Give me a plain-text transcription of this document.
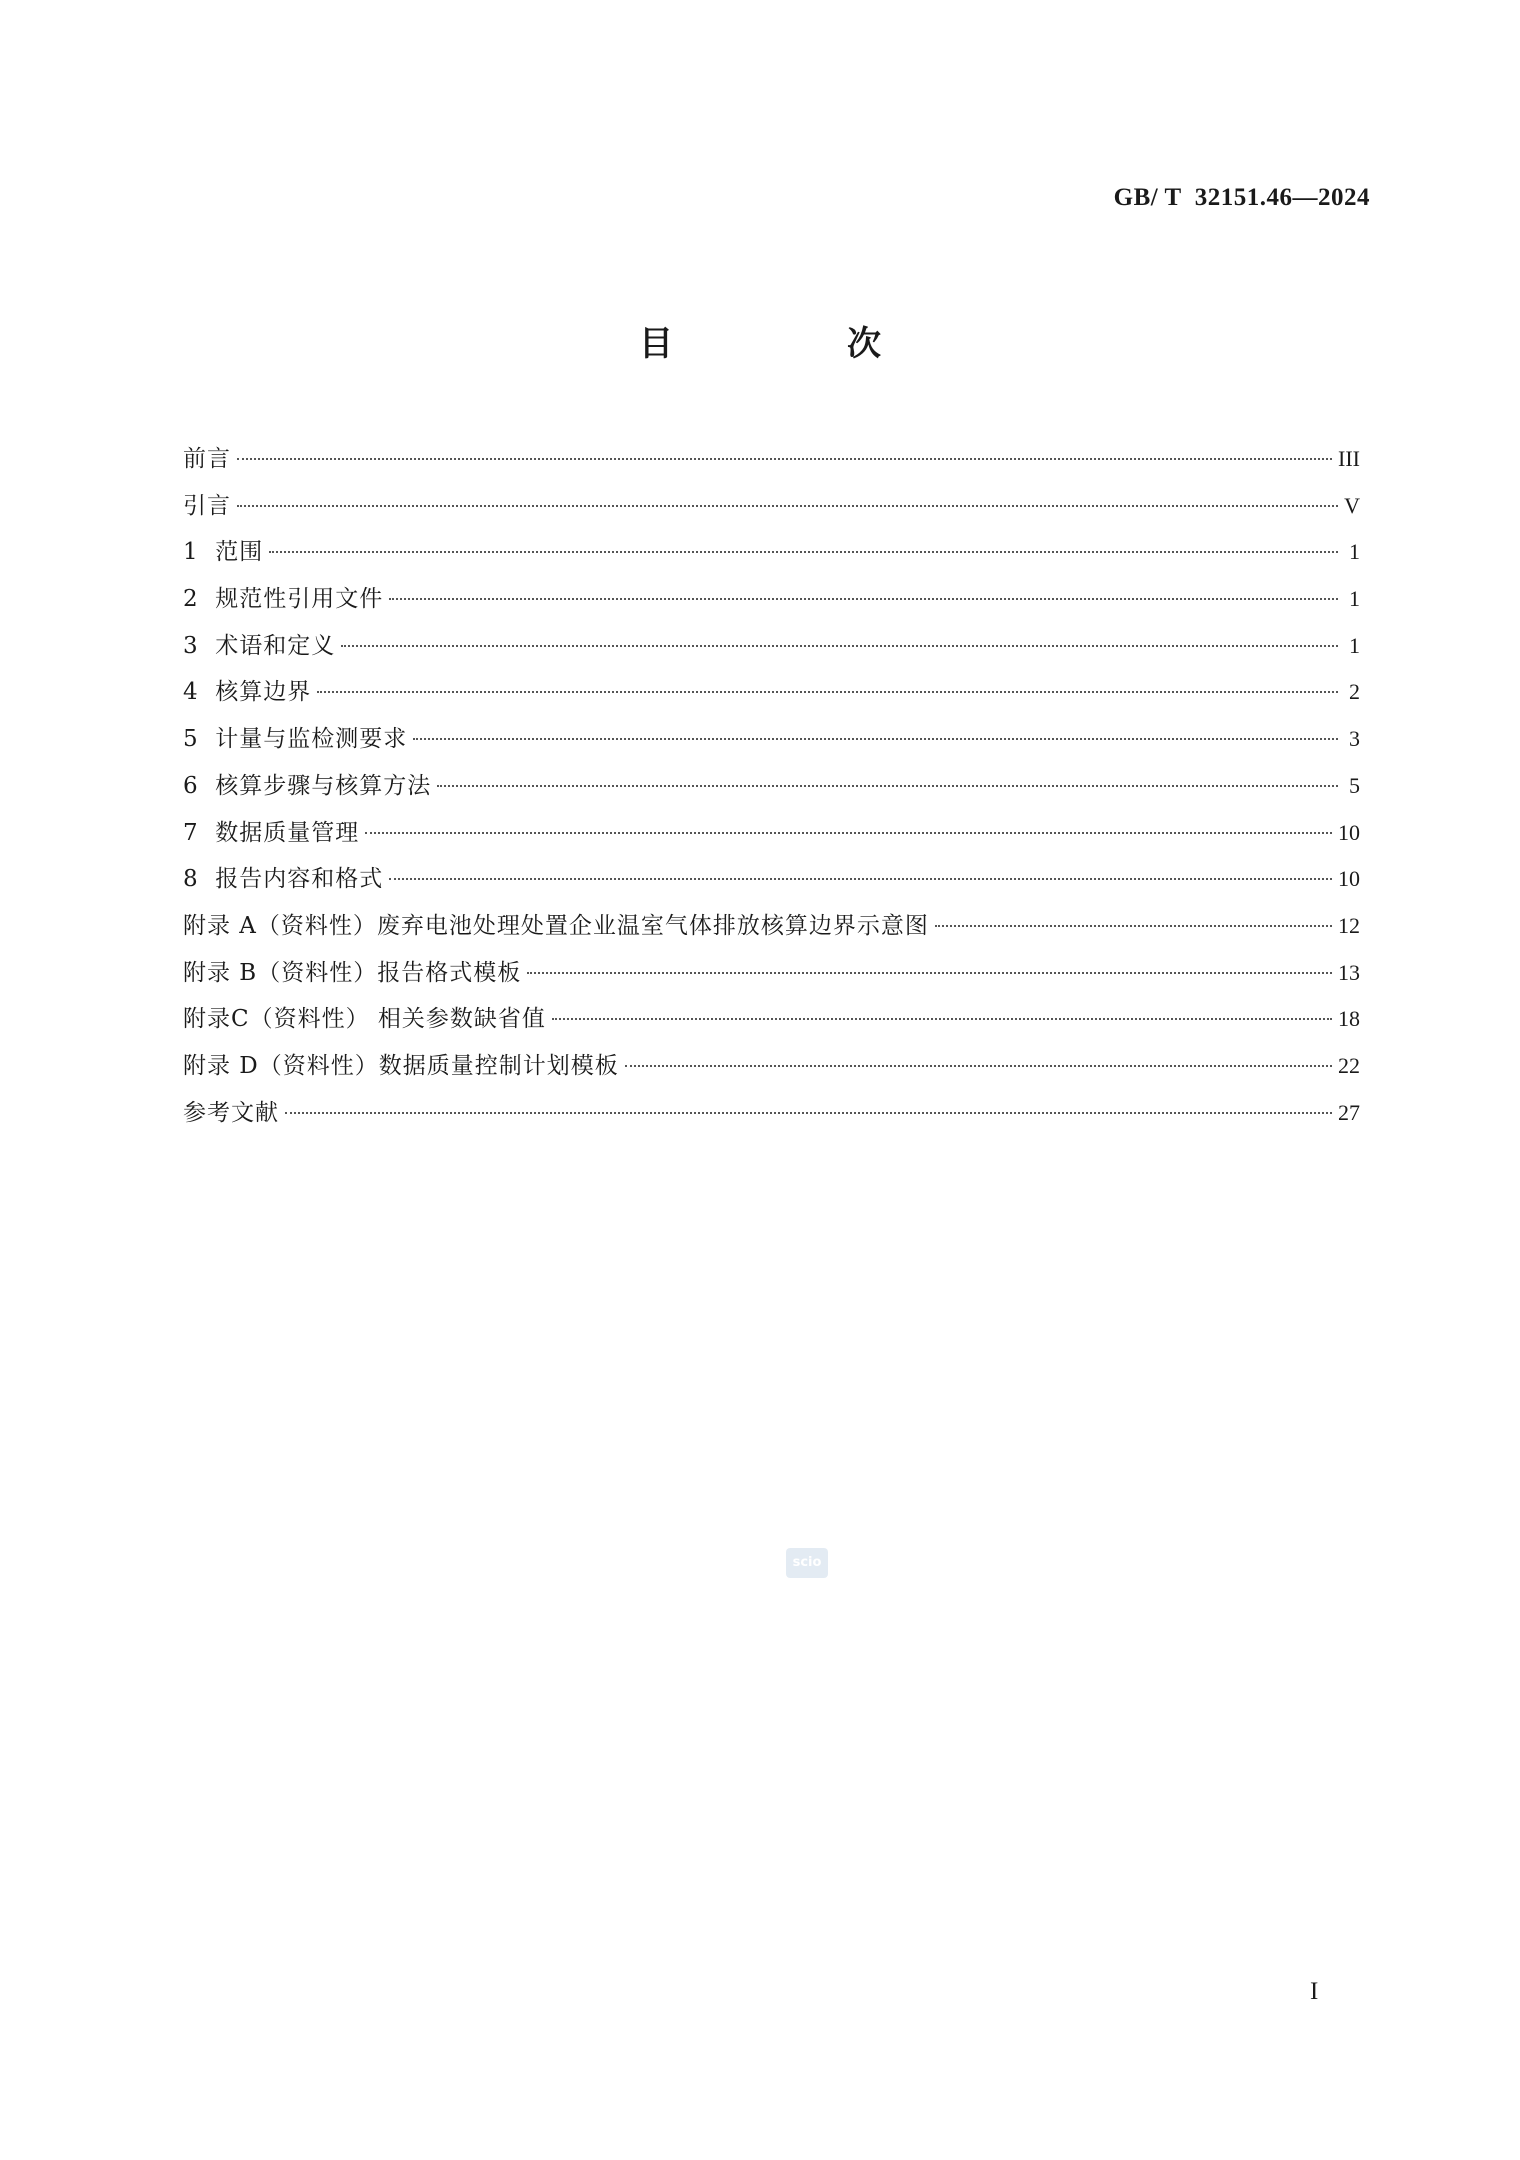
GB/ T  32151.46—2024
目　次
前言	III
引言	V
1  范围	1
2  规范性引用文件	1
3  术语和定义	1
4  核算边界	2
5  计量与监检测要求	3
6  核算步骤与核算方法	5
7  数据质量管理	10
8  报告内容和格式	10
附录 A（资料性）废弃电池处理处置企业温室气体排放核算边界示意图	12
附录 B（资料性）报告格式模板	13
附录C（资料性） 相关参数缺省值	18
附录 D（资料性）数据质量控制计划模板	22
参考文献	27
scio
I
